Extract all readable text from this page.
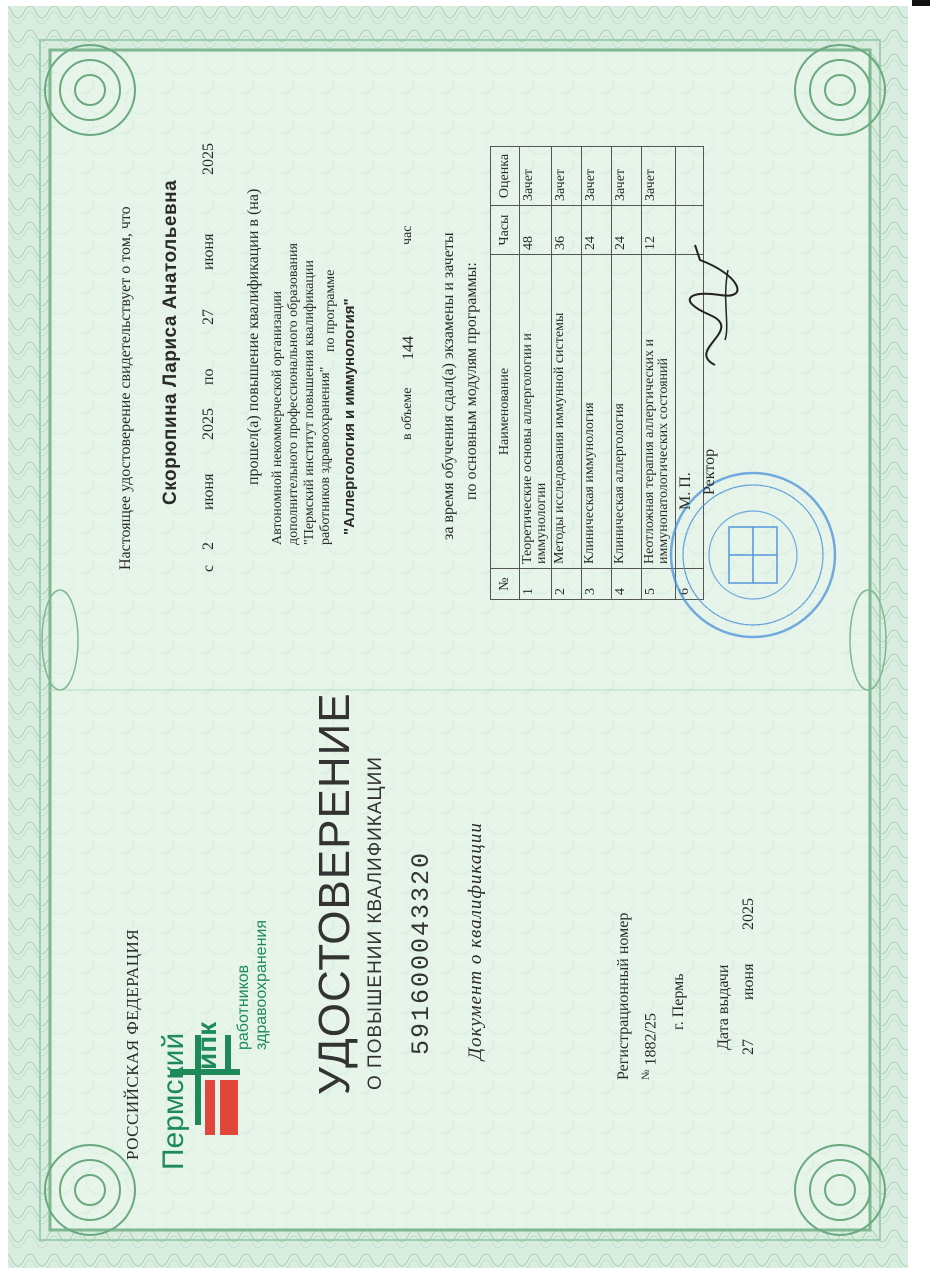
РОССИЙСКАЯ ФЕДЕРАЦИЯ Пермский ипк работников здравоохранения УДОСТОВЕРЕНИЕ О ПОВЫШЕНИИ КВАЛИФИКАЦИИ 591600043320 Документ о квалификации	Регистрационный номер № 1882/25
г. Пермь Дата выдачи 27
июня
2025
Настоящее удостоверение свидетельствует о том, что Скорюпина Лариса Анатольевна
с
2
июня
2025
по
27
июня
2025
прошел(а) повышение квалификации в (на) Автономной некоммерческой организации дополнительного профессионального образования "Пермский институт повышения квалификации работников здравоохранения"
по программе "Аллергология и иммунология"	в объеме
144
час за время обучения сдал(а) экзамены и зачеты по основным модулям программы:
№	Наименование	Часы	Оценка
1	Теоретические основы аллергологии и иммунологии	48	Зачет
2	Методы исследования иммунной системы	36	Зачет
3	Клиническая иммунология	24	Зачет
4	Клиническая аллергология	24	Зачет
5	Неотложная терапия аллергических и иммунопатологических состояний	12	Зачет
6			
М. П. Ректор
